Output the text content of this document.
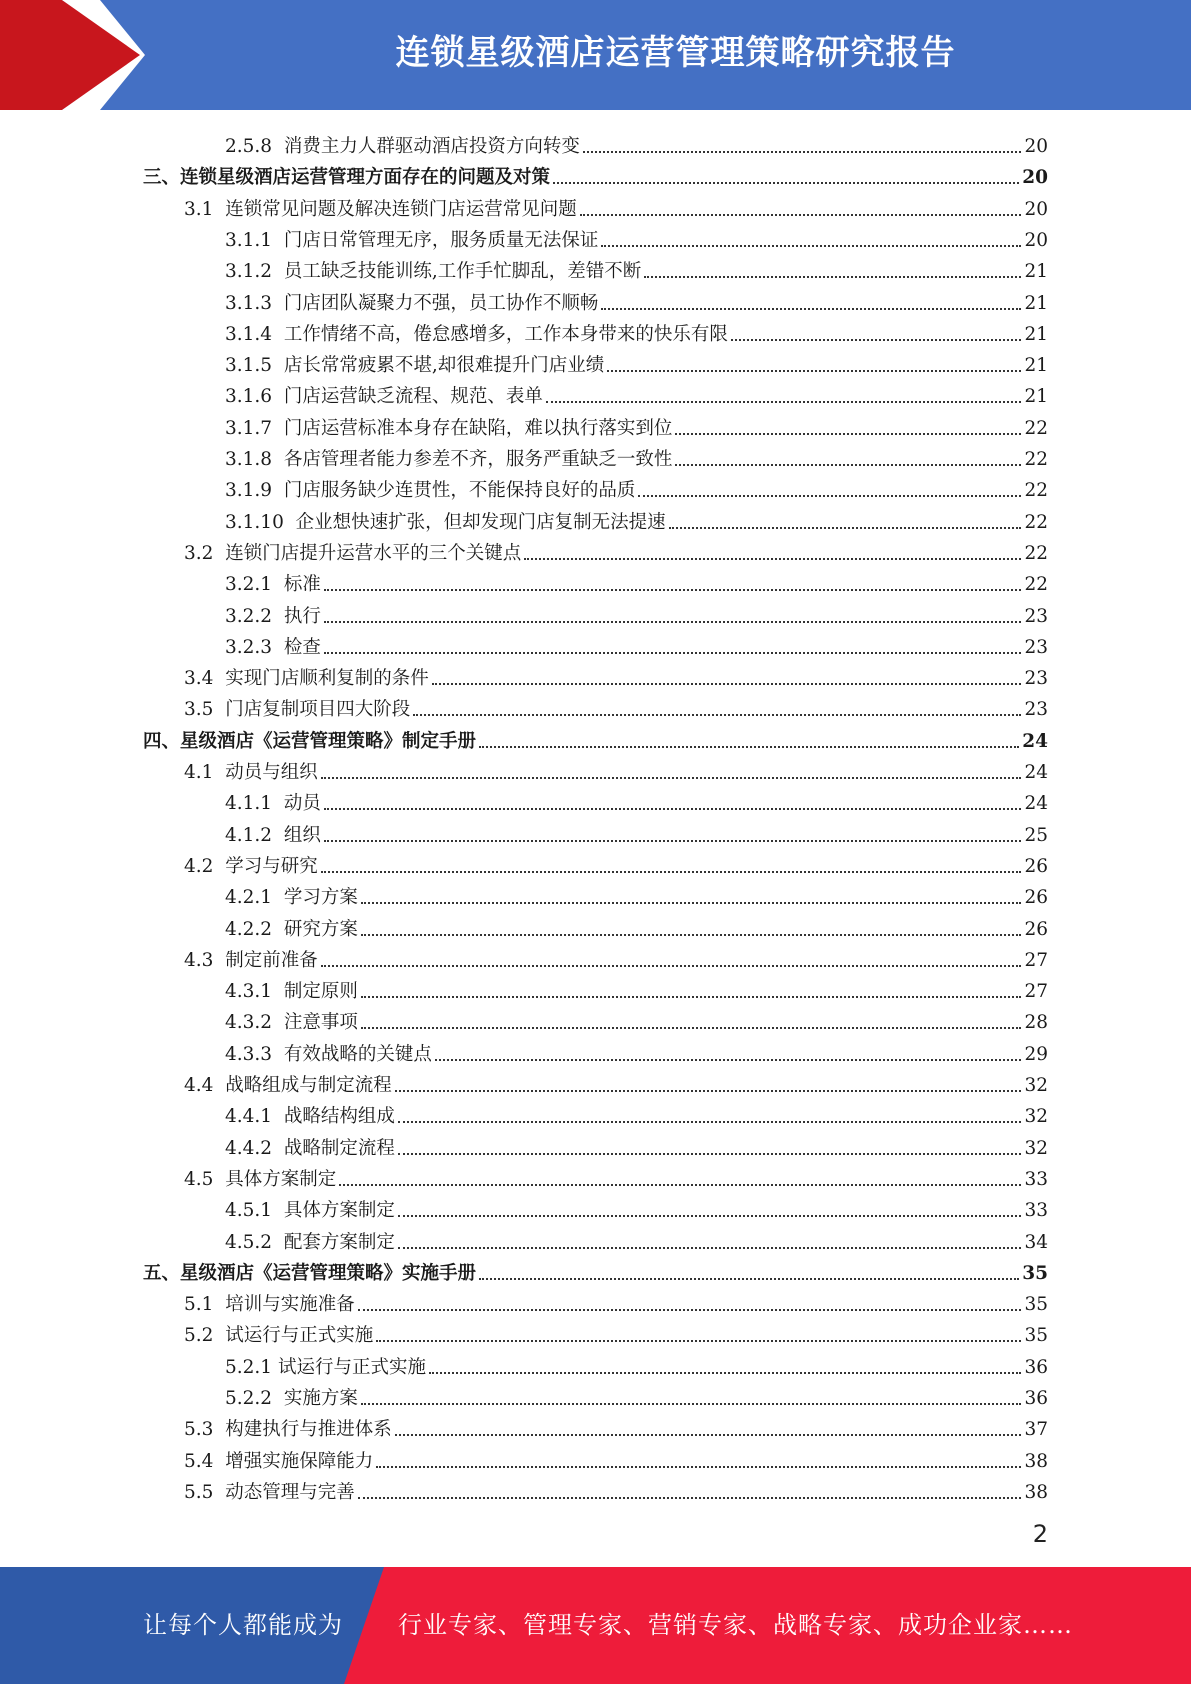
连锁星级酒店运营管理策略研究报告
2.5.8 消费主力人群驱动酒店投资方向转变	20
三、连锁星级酒店运营管理方面存在的问题及对策	20
3.1 连锁常见问题及解决连锁门店运营常见问题	20
3.1.1 门店日常管理无序，服务质量无法保证	20
3.1.2 员工缺乏技能训练,工作手忙脚乱，差错不断	21
3.1.3 门店团队凝聚力不强，员工协作不顺畅	21
3.1.4 工作情绪不高，倦怠感增多，工作本身带来的快乐有限	21
3.1.5 店长常常疲累不堪,却很难提升门店业绩	21
3.1.6 门店运营缺乏流程、规范、表单	21
3.1.7 门店运营标准本身存在缺陷，难以执行落实到位	22
3.1.8 各店管理者能力参差不齐，服务严重缺乏一致性	22
3.1.9 门店服务缺少连贯性，不能保持良好的品质	22
3.1.10 企业想快速扩张，但却发现门店复制无法提速	22
3.2 连锁门店提升运营水平的三个关键点	22
3.2.1 标准	22
3.2.2 执行	23
3.2.3 检查	23
3.4 实现门店顺利复制的条件	23
3.5 门店复制项目四大阶段	23
四、星级酒店《运营管理策略》制定手册	24
4.1 动员与组织	24
4.1.1 动员	24
4.1.2 组织	25
4.2 学习与研究	26
4.2.1 学习方案	26
4.2.2 研究方案	26
4.3 制定前准备	27
4.3.1 制定原则	27
4.3.2 注意事项	28
4.3.3 有效战略的关键点	29
4.4 战略组成与制定流程	32
4.4.1 战略结构组成	32
4.4.2 战略制定流程	32
4.5 具体方案制定	33
4.5.1 具体方案制定	33
4.5.2 配套方案制定	34
五、星级酒店《运营管理策略》实施手册	35
5.1 培训与实施准备	35
5.2 试运行与正式实施	35
5.2.1 试运行与正式实施	36
5.2.2 实施方案	36
5.3 构建执行与推进体系	37
5.4 增强实施保障能力	38
5.5 动态管理与完善	38
2
让每个人都能成为 行业专家、管理专家、营销专家、战略专家、成功企业家……
